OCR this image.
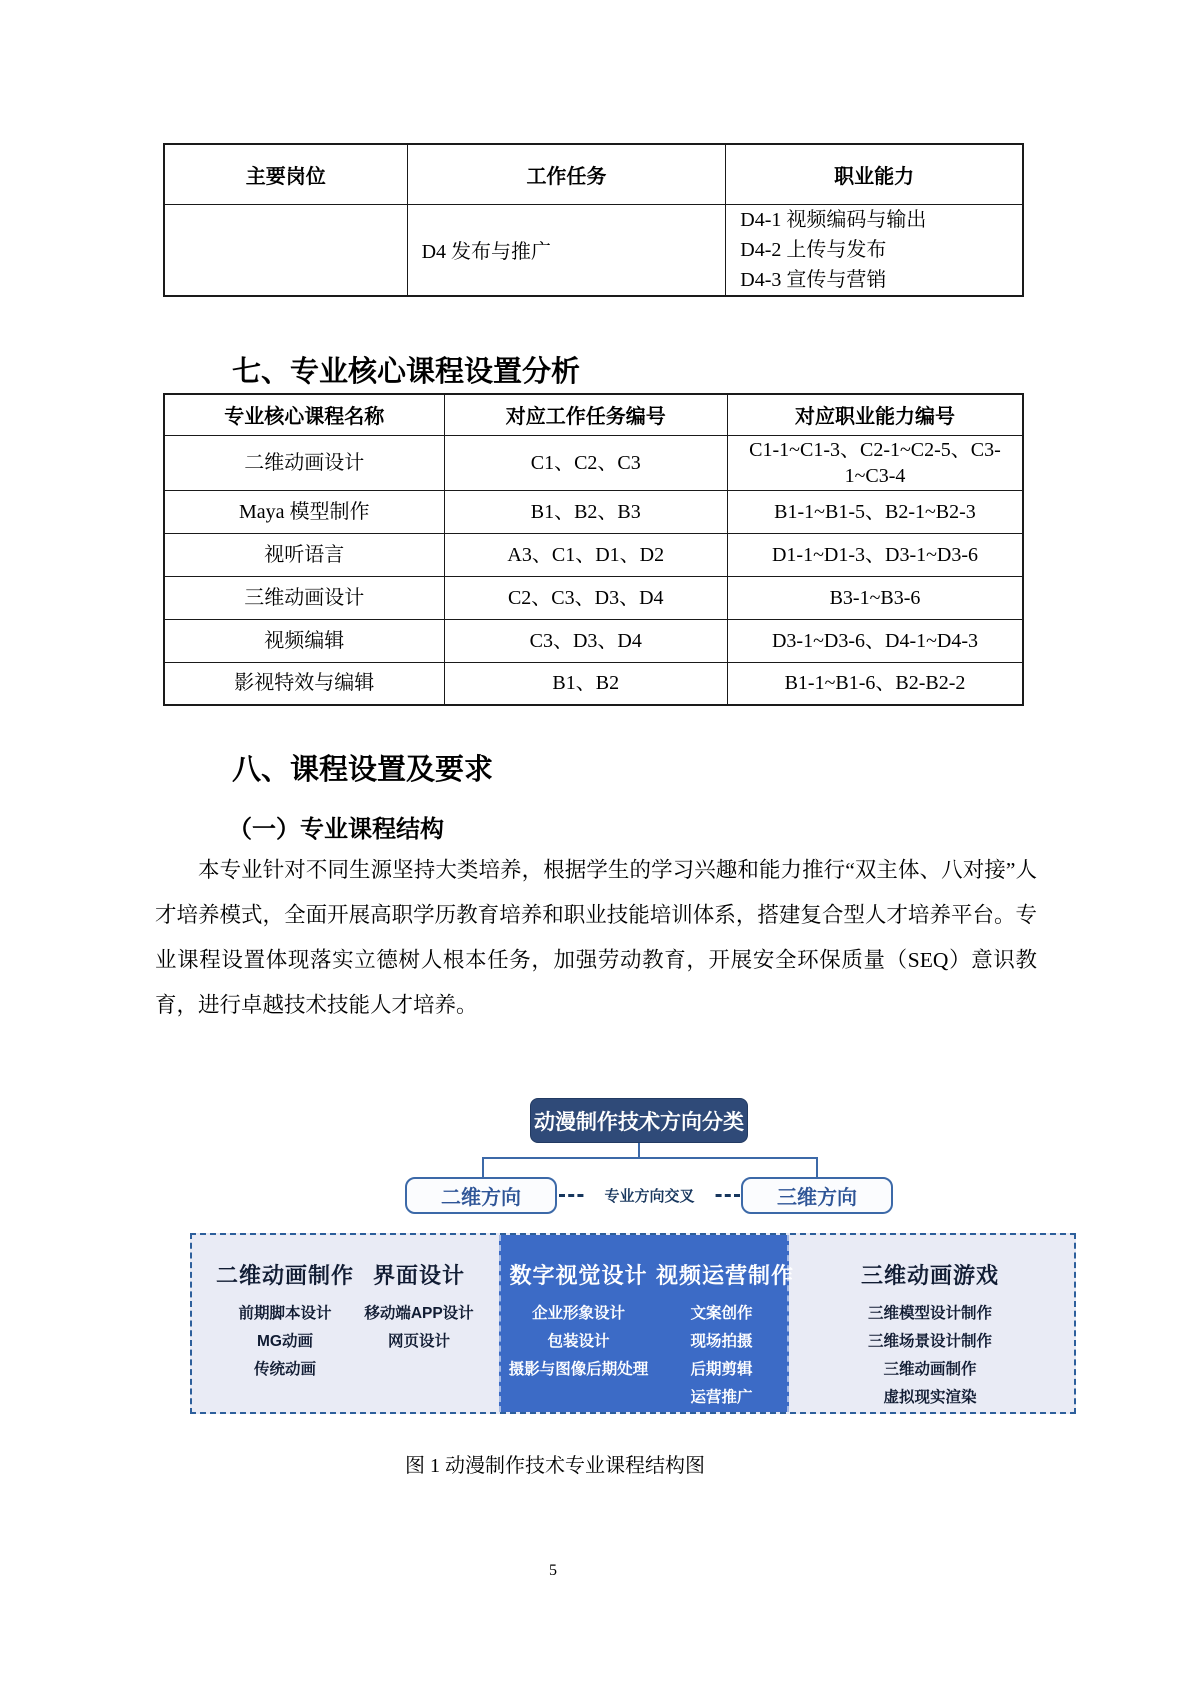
主要岗位	工作任务	职业能力
	D4 发布与推广	D4-1 视频编码与输出
D4-2 上传与发布
D4-3 宣传与营销
七、专业核心课程设置分析
专业核心课程名称	对应工作任务编号	对应职业能力编号
二维动画设计	C1、C2、C3	C1-1~C1-3、C2-1~C2-5、C3-1~C3-4
Maya 模型制作	B1、B2、B3	B1-1~B1-5、B2-1~B2-3
视听语言	A3、C1、D1、D2	D1-1~D1-3、D3-1~D3-6
三维动画设计	C2、C3、D3、D4	B3-1~B3-6
视频编辑	C3、D3、D4	D3-1~D3-6、D4-1~D4-3
影视特效与编辑	B1、B2	B1-1~B1-6、B2-B2-2
八、课程设置及要求
（一）专业课程结构
本专业针对不同生源坚持大类培养，根据学生的学习兴趣和能力推行“双主体、八对接”人才培养模式，全面开展高职学历教育培养和职业技能培训体系，搭建复合型人才培养平台。专业课程设置体现落实立德树人根本任务，加强劳动教育，开展安全环保质量（SEQ）意识教育，进行卓越技术技能人才培养。
动漫制作技术方向分类
二维方向	三维方向
专业方向交叉
二维动画制作
前期脚本设计
MG动画
传统动画
界面设计
移动端APP设计
网页设计
数字视觉设计
企业形象设计
包装设计
摄影与图像后期处理
视频运营制作
文案创作
现场拍摄
后期剪辑
运营推广
三维动画游戏
三维模型设计制作
三维场景设计制作
三维动画制作
虚拟现实渲染
图 1 动漫制作技术专业课程结构图
5
